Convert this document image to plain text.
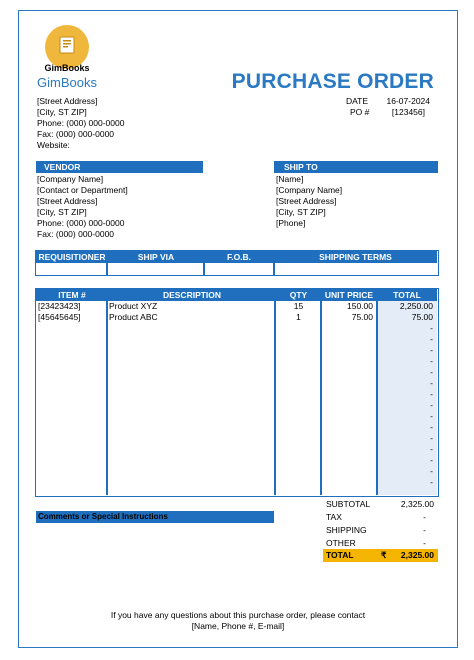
GimBooks
GimBooks	PURCHASE ORDER
[Street Address]
[City, ST ZIP]
Phone: (000) 000-0000
Fax: (000) 000-0000
Website:
DATE	16-07-2024
PO #	[123456]
VENDOR	SHIP TO
[Company Name]
[Contact or Department]
[Street Address]
[City, ST ZIP]
Phone: (000) 000-0000
Fax: (000) 000-0000
[Name]
[Company Name]
[Street Address]
[City, ST ZIP]
[Phone]
REQUISITIONER	SHIP VIA	F.O.B.	SHIPPING TERMS
ITEM #	DESCRIPTION	QTY	UNIT PRICE	TOTAL
[23423423]	Product XYZ	15	150.00	2,250.00
[45645645]	Product ABC	1	75.00	75.00
-
-
-
-
-
-
-
-
-
-
-
-
-
-
-
SUBTOTAL	2,325.00
TAX	-
SHIPPING	-
OTHER	-
TOTAL	₹	2,325.00
Comments or Special Instructions
If you have any questions about this purchase order, please contact
[Name, Phone #, E-mail]
